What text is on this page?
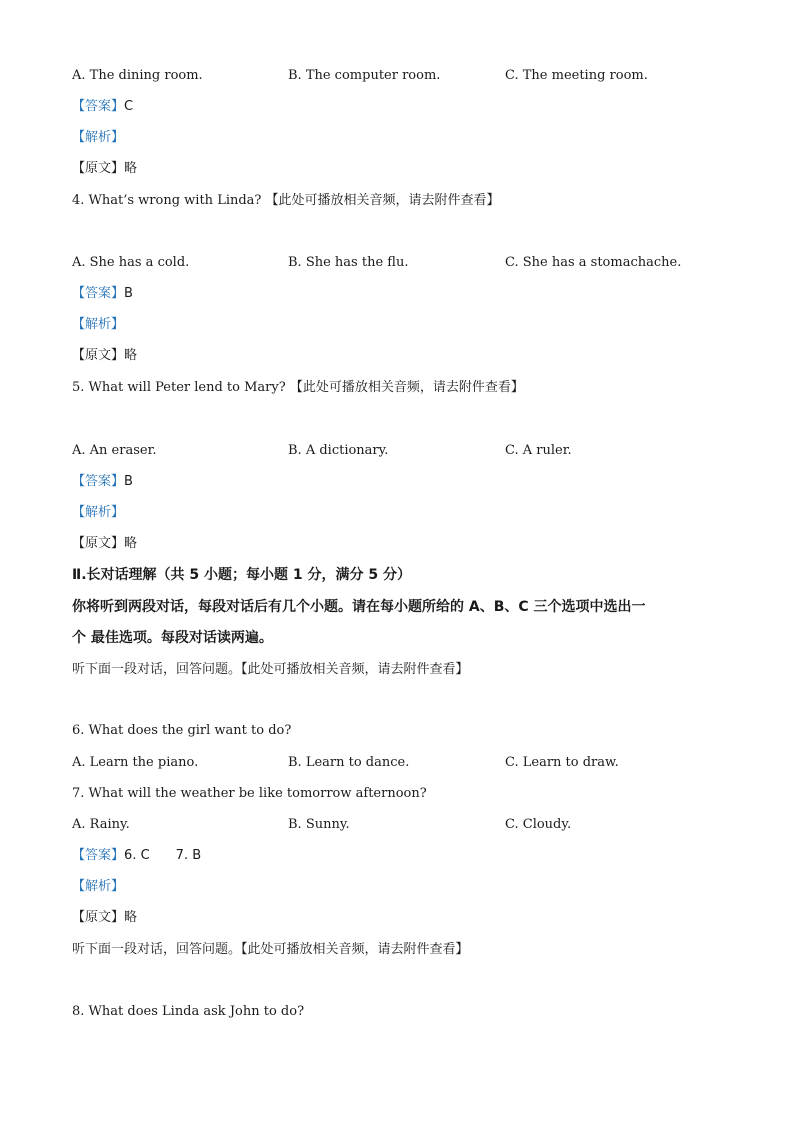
A. The dining room.	B. The computer room.	C. The meeting room.
【答案】C
【解析】
【原文】略
4. What’s wrong with Linda? 【此处可播放相关音频，请去附件查看】
A. She has a cold.	B. She has the flu.	C. She has a stomachache.
【答案】B
【解析】
【原文】略
5. What will Peter lend to Mary? 【此处可播放相关音频，请去附件查看】
A. An eraser.	B. A dictionary.	C. A ruler.
【答案】B
【解析】
【原文】略
Ⅱ.长对话理解（共 5 小题；每小题 1 分，满分 5 分）
你将听到两段对话，每段对话后有几个小题。请在每小题所给的 A、B、C 三个选项中选出一
个 最佳选项。每段对话读两遍。
听下面一段对话，回答问题。【此处可播放相关音频，请去附件查看】
6. What does the girl want to do?
A. Learn the piano.	B. Learn to dance.	C. Learn to draw.
7. What will the weather be like tomorrow afternoon?
A. Rainy.	B. Sunny.	C. Cloudy.
【答案】6. C 7. B
【解析】
【原文】略
听下面一段对话，回答问题。【此处可播放相关音频，请去附件查看】
8. What does Linda ask John to do?
